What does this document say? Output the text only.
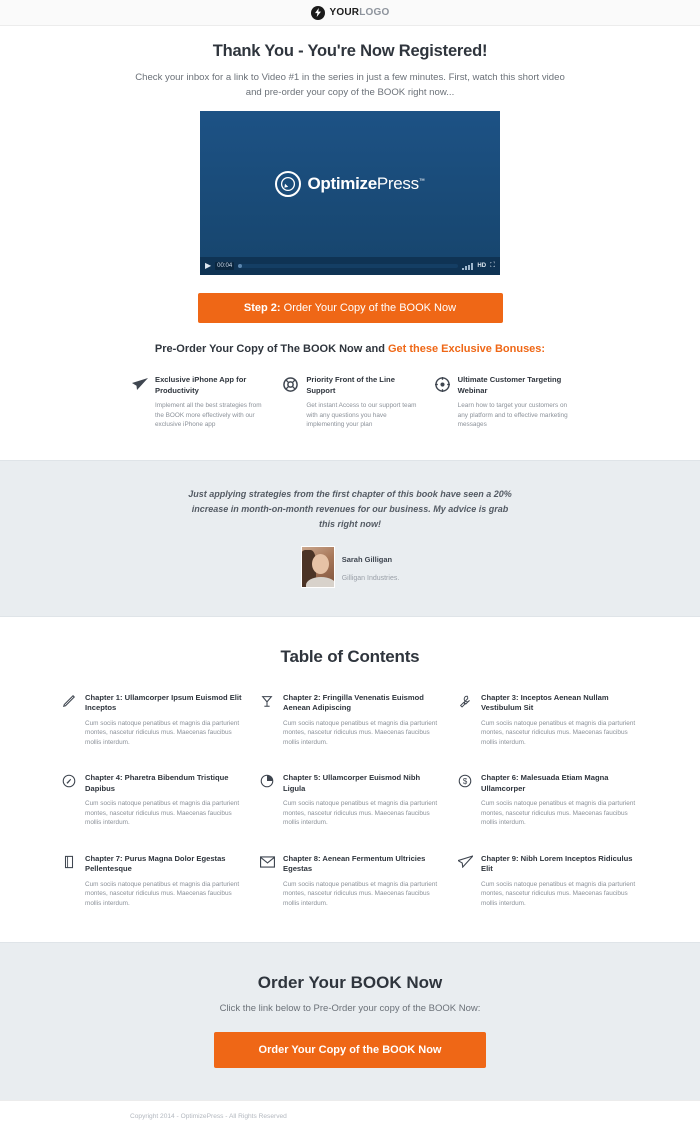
YOURLOGO
Thank You - You're Now Registered!

Check your inbox for a link to Video #1 in the series in just a few minutes. First, watch this short video and pre-order your copy of the BOOK right now...

OptimizePress™
▶	00:04	HD ⛶
Step 2: Order Your Copy of the BOOK Now
Pre-Order Your Copy of The BOOK Now and Get these Exclusive Bonuses:
Exclusive iPhone App for Productivity

Implement all the best strategies from the BOOK more effectively with our exclusive iPhone app

Priority Front of the Line Support

Get instant Access to our support team with any questions you have implementing your plan

Ultimate Customer Targeting Webinar

Learn how to target your customers on any platform and to effective marketing messages

Just applying strategies from the first chapter of this book have seen a 20% increase in month-on-month revenues for our business. My advice is grab this right now!
Sarah Gilligan
Gilligan Industries.
Table of Contents
Chapter 1: Ullamcorper Ipsum Euismod Elit Inceptos

Cum sociis natoque penatibus et magnis dia parturient montes, nascetur ridiculus mus. Maecenas faucibus mollis interdum.

Chapter 2: Fringilla Venenatis Euismod Aenean Adipiscing

Cum sociis natoque penatibus et magnis dia parturient montes, nascetur ridiculus mus. Maecenas faucibus mollis interdum.

Chapter 3: Inceptos Aenean Nullam Vestibulum Sit

Cum sociis natoque penatibus et magnis dia parturient montes, nascetur ridiculus mus. Maecenas faucibus mollis interdum.

Chapter 4: Pharetra Bibendum Tristique Dapibus

Cum sociis natoque penatibus et magnis dia parturient montes, nascetur ridiculus mus. Maecenas faucibus mollis interdum.

Chapter 5: Ullamcorper Euismod Nibh Ligula

Cum sociis natoque penatibus et magnis dia parturient montes, nascetur ridiculus mus. Maecenas faucibus mollis interdum.

$ Chapter 6: Malesuada Etiam Magna Ullamcorper

Cum sociis natoque penatibus et magnis dia parturient montes, nascetur ridiculus mus. Maecenas faucibus mollis interdum.

Chapter 7: Purus Magna Dolor Egestas Pellentesque

Cum sociis natoque penatibus et magnis dia parturient montes, nascetur ridiculus mus. Maecenas faucibus mollis interdum.

Chapter 8: Aenean Fermentum Ultricies Egestas

Cum sociis natoque penatibus et magnis dia parturient montes, nascetur ridiculus mus. Maecenas faucibus mollis interdum.

Chapter 9: Nibh Lorem Inceptos Ridiculus Elit

Cum sociis natoque penatibus et magnis dia parturient montes, nascetur ridiculus mus. Maecenas faucibus mollis interdum.

Order Your BOOK Now

Click the link below to Pre-Order your copy of the BOOK Now:

Order Your Copy of the BOOK Now
Copyright 2014 - OptimizePress - All Rights Reserved
